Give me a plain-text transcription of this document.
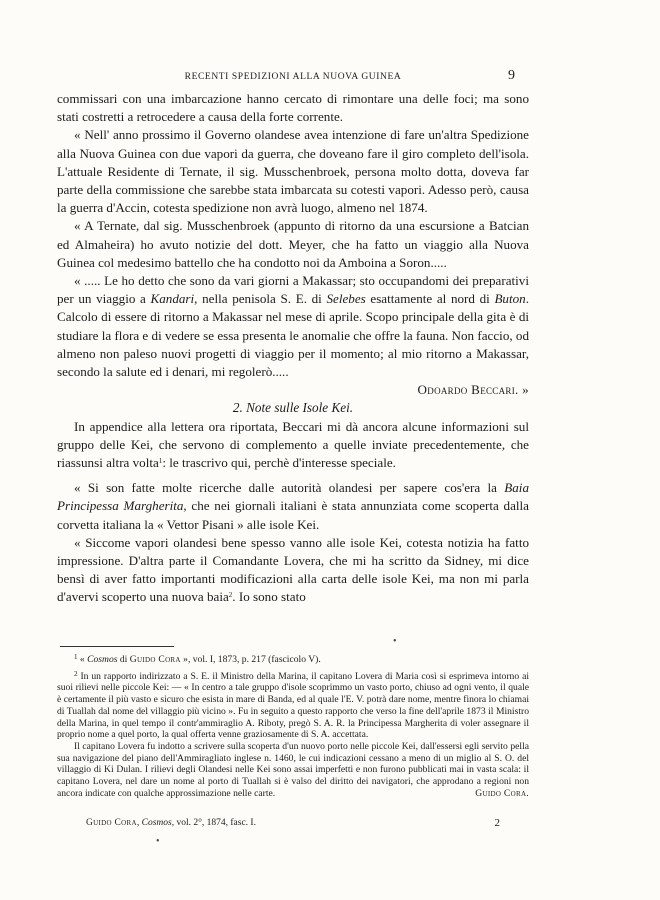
RECENTI SPEDIZIONI ALLA NUOVA GUINEA	9

commissari con una imbarcazione hanno cercato di rimontare una delle foci; ma sono stati costretti a retrocedere a causa della forte corrente.

« Nell' anno prossimo il Governo olandese avea intenzione di fare un'altra Spedizione alla Nuova Guinea con due vapori da guerra, che doveano fare il giro completo dell'isola. L'attuale Residente di Ternate, il sig. Musschenbroek, persona molto dotta, doveva far parte della commissione che sarebbe stata imbarcata su cotesti vapori. Adesso però, causa la guerra d'Accin, cotesta spedizione non avrà luogo, almeno nel 1874.

« A Ternate, dal sig. Musschenbroek (appunto di ritorno da una escursione a Batcian ed Almaheira) ho avuto notizie del dott. Meyer, che ha fatto un viaggio alla Nuova Guinea col medesimo battello che ha condotto noi da Amboina a Soron.....

« ..... Le ho detto che sono da vari giorni a Makassar; sto occupandomi dei preparativi per un viaggio a Kandari, nella penisola S. E. di Selebes esattamente al nord di Buton. Calcolo di essere di ritorno a Makassar nel mese di aprile. Scopo principale della gita è di studiare la flora e di vedere se essa presenta le anomalie che offre la fauna. Non faccio, od almeno non paleso nuovi progetti di viaggio per il momento; al mio ritorno a Makassar, secondo la salute ed i denari, mi regolerò.....

Odoardo Beccari. »

2. Note sulle Isole Kei.

In appendice alla lettera ora riportata, Beccari mi dà ancora alcune informazioni sul gruppo delle Kei, che servono di complemento a quelle inviate precedentemente, che riassunsi altra volta$^1$: le trascrivo qui, perchè d'interesse speciale.

« Si son fatte molte ricerche dalle autorità olandesi per sapere cos'era la Baia Principessa Margherita, che nei giornali italiani è stata annunziata come scoperta dalla corvetta italiana la « Vettor Pisani » alle isole Kei.

« Siccome vapori olandesi bene spesso vanno alle isole Kei, cotesta notizia ha fatto impressione. D'altra parte il Comandante Lovera, che mi ha scritto da Sidney, mi dice bensì di aver fatto importanti modificazioni alla carta delle isole Kei, ma non mi parla d'avervi scoperto una nuova baia$^2$. Io sono stato

•

$^1$ « Cosmos di Guido Cora », vol. I, 1873, p. 217 (fascicolo V).

$^2$ In un rapporto indirizzato a S. E. il Ministro della Marina, il capitano Lovera di Maria così si esprimeva intorno ai suoi rilievi nelle piccole Kei: — « In centro a tale gruppo d'isole scoprimmo un vasto porto, chiuso ad ogni vento, il quale è certamente il più vasto e sicuro che esista in mare di Banda, ed al quale l'E. V. potrà dare nome, mentre finora lo chiamai di Tuallah dal nome del villaggio più vicino ». Fu in seguito a questo rapporto che verso la fine dell'aprile 1873 il Ministro della Marina, in quel tempo il contr'ammiraglio A. Riboty, pregò S. A. R. la Principessa Margherita di voler assegnare il proprio nome a quel porto, la qual offerta venne graziosamente di S. A. accettata.

Il capitano Lovera fu indotto a scrivere sulla scoperta d'un nuovo porto nelle piccole Kei, dall'essersi egli servito pella sua navigazione del piano dell'Ammiragliato inglese n. 1460, le cui indicazioni cessano a meno di un miglio al S. O. del villaggio di Ki Dulan. I rilievi degli Olandesi nelle Kei sono assai imperfetti e non furono pubblicati mai in vasta scala: il capitano Lovera, nel dare un nome al porto di Tuallah si è valso del diritto dei navigatori, che approdano a regioni non ancora indicate con qualche approssimazione nelle carte.	Guido Cora.

Guido Cora, Cosmos, vol. 2°, 1874, fasc. I.	2
•
